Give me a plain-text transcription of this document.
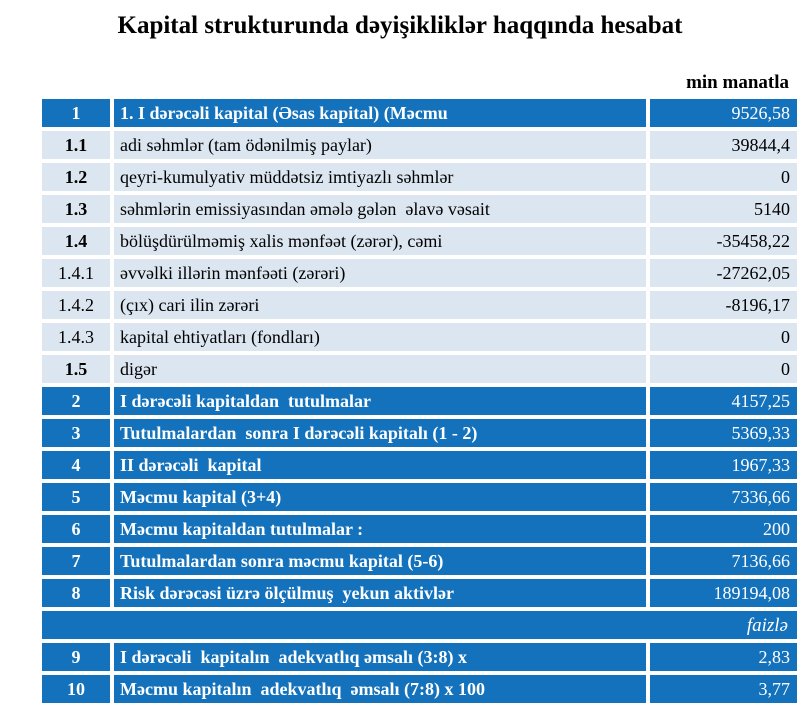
Kapital strukturunda dəyişikliklər haqqında hesabat
min manatla
1	1. I dərəcəli kapital (Əsas kapital) (Məcmu	9526,58
1.1	adi səhmlər (tam ödənilmiş paylar)	39844,4
1.2	qeyri-kumulyativ müddətsiz imtiyazlı səhmlər	0
1.3	səhmlərin emissiyasından əmələ gələn  əlavə vəsait	5140
1.4	bölüşdürülməmiş xalis mənfəət (zərər), cəmi	-35458,22
1.4.1	əvvəlki illərin mənfəəti (zərəri)	-27262,05
1.4.2	(çıx) cari ilin zərəri	-8196,17
1.4.3	kapital ehtiyatları (fondları)	0
1.5	digər	0
2	I dərəcəli kapitaldan  tutulmalar	4157,25
3	Tutulmalardan  sonra I dərəcəli kapitalı (1 - 2)	5369,33
4	II dərəcəli  kapital	1967,33
5	Məcmu kapital (3+4)	7336,66
6	Məcmu kapitaldan tutulmalar :	200
7	Tutulmalardan sonra məcmu kapital (5-6)	7136,66
8	Risk dərəcəsi üzrə ölçülmuş  yekun aktivlər	189194,08
faizlə
9	I dərəcəli  kapitalın  adekvatlıq əmsalı (3:8) x	2,83
10	Məcmu kapitalın  adekvatlıq  əmsalı (7:8) x 100	3,77
